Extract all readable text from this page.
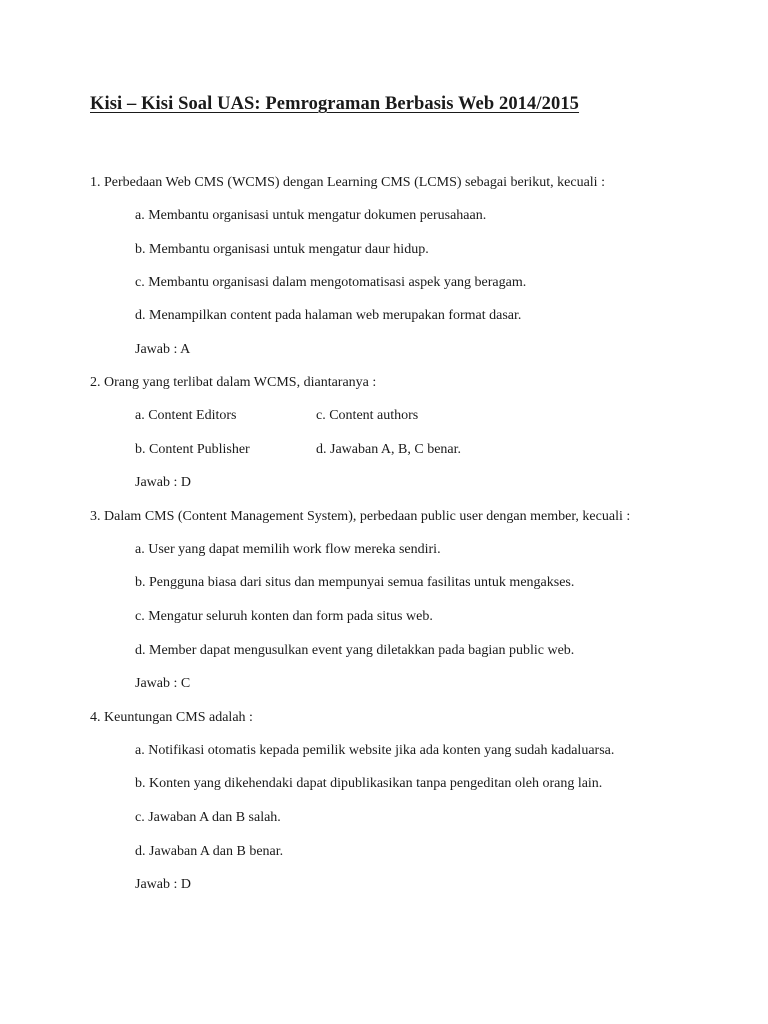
Kisi – Kisi Soal UAS: Pemrograman Berbasis Web 2014/2015
1. Perbedaan Web CMS (WCMS) dengan Learning CMS (LCMS) sebagai berikut, kecuali :
a. Membantu organisasi untuk mengatur dokumen perusahaan.
b. Membantu organisasi untuk mengatur daur hidup.
c. Membantu organisasi dalam mengotomatisasi aspek yang beragam.
d. Menampilkan content pada halaman web merupakan format dasar.
Jawab : A
2. Orang yang terlibat dalam WCMS, diantaranya :
a. Content Editors	c. Content authors
b. Content Publisher	d. Jawaban A, B, C benar.
Jawab : D
3. Dalam CMS (Content Management System), perbedaan public user dengan member, kecuali :
a. User yang dapat memilih work flow mereka sendiri.
b. Pengguna biasa dari situs dan mempunyai semua fasilitas untuk mengakses.
c. Mengatur seluruh konten dan form pada situs web.
d. Member dapat mengusulkan event yang diletakkan pada bagian public web.
Jawab : C
4. Keuntungan CMS adalah :
a. Notifikasi otomatis kepada pemilik website jika ada konten yang sudah kadaluarsa.
b. Konten yang dikehendaki dapat dipublikasikan tanpa pengeditan oleh orang lain.
c. Jawaban A dan B salah.
d. Jawaban A dan B benar.
Jawab : D
